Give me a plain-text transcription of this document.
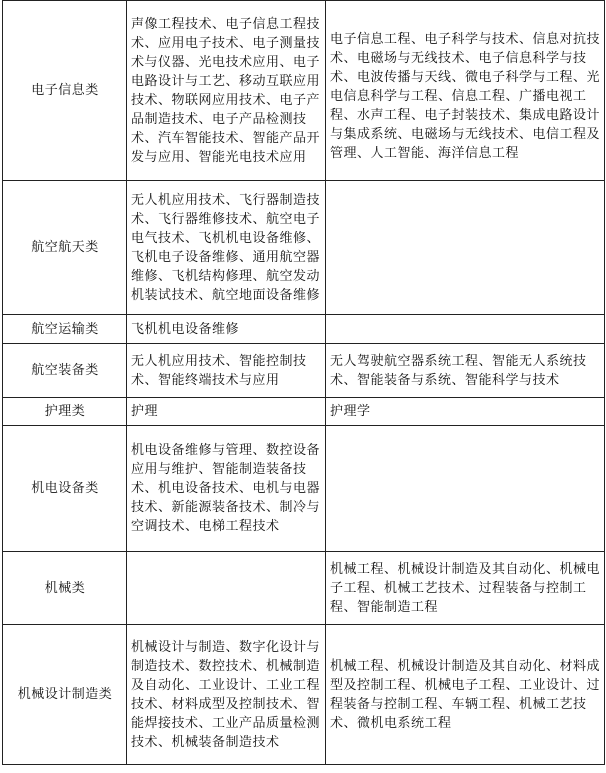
电子信息类	声像工程技术、电子信息工程技术、应用电子技术、电子测量技术与仪器、光电技术应用、电子电路设计与工艺、移动互联应用技术、物联网应用技术、电子产品制造技术、电子产品检测技术、汽车智能技术、智能产品开发与应用、智能光电技术应用	电子信息工程、电子科学与技术、信息对抗技术、电磁场与无线技术、电子信息科学与技术、电波传播与天线、微电子科学与工程、光电信息科学与工程、信息工程、广播电视工程、水声工程、电子封装技术、集成电路设计与集成系统、电磁场与无线技术、电信工程及管理、人工智能、海洋信息工程
航空航天类	无人机应用技术、飞行器制造技术、飞行器维修技术、航空电子电气技术、飞机机电设备维修、飞机电子设备维修、通用航空器维修、飞机结构修理、航空发动机装试技术、航空地面设备维修	
航空运输类	飞机机电设备维修	
航空装备类	无人机应用技术、智能控制技术、智能终端技术与应用	无人驾驶航空器系统工程、智能无人系统技术、智能装备与系统、智能科学与技术
护理类	护理	护理学
机电设备类	机电设备维修与管理、数控设备应用与维护、智能制造装备技术、机电设备技术、电机与电器技术、新能源装备技术、制冷与空调技术、电梯工程技术	
机械类		机械工程、机械设计制造及其自动化、机械电子工程、机械工艺技术、过程装备与控制工程、智能制造工程
机械设计制造类	机械设计与制造、数字化设计与制造技术、数控技术、机械制造及自动化、工业设计、工业工程技术、材料成型及控制技术、智能焊接技术、工业产品质量检测技术、机械装备制造技术	机械工程、机械设计制造及其自动化、材料成型及控制工程、机械电子工程、工业设计、过程装备与控制工程、车辆工程、机械工艺技术、微机电系统工程
